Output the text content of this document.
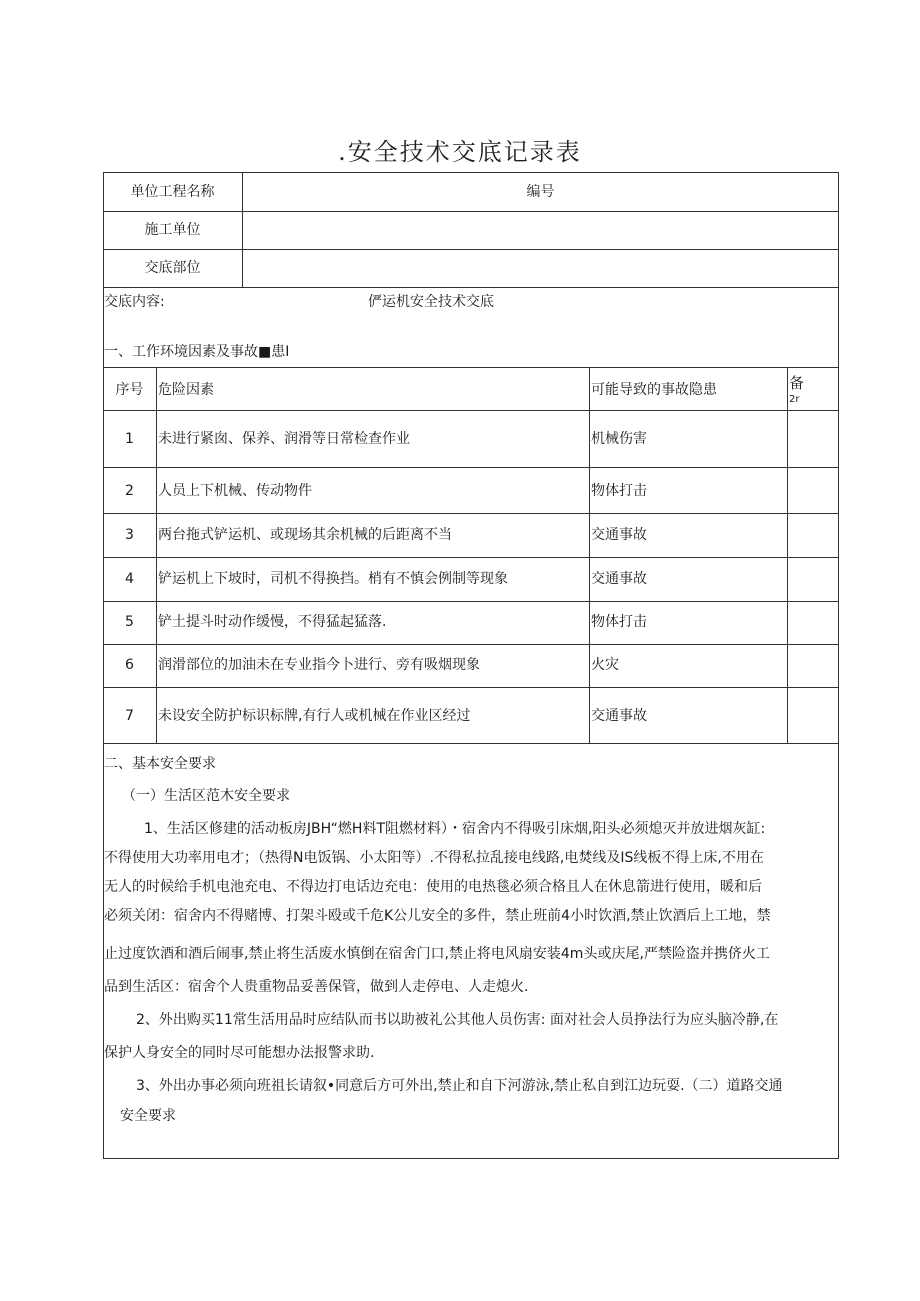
.安全技术交底记录表
单位工程名称	编号
施工单位
交底部位
交底内容:	俨运机安全技术交底
一、工作环境因素及事故■患I
序号	危险因素	可能导致的事故隐患	备
2r
1	未进行紧囱、保养、润滑等日常检查作业	机械伤害
2	人员上下机械、传动物件	物体打击
3	两台拖式铲运机、或现场其余机械的后距离不当	交通事故
4	铲运机上下坡时，司机不得换挡。梢有不慎会例制等现象	交通事故
5	铲土提斗时动作缓慢，不得猛起猛落.	物体打击
6	润滑部位的加油未在专业指今卜进行、旁有吸烟现象	火灾
7	未设安全防护标识标牌,有行人或机械在作业区经过	交通事故
二、基本安全要求
（一）生活区范木安全要求
1、生活区修建的活动板房JBH“燃H料T阻燃材料）・宿舍内不得吸引床烟,阳头必须熄灭并放进烟灰缸:
不得使用大功率用电才；（热得N电饭锅、小太阳等）.不得私拉乱接电线路,电焚线及IS线板不得上床,不用在
无人的时候给手机电池充电、不得边打电话边充电：使用的电热毯必须合格且人在休息箭进行使用，暖和后
必须关闭：宿舍内不得赌博、打架斗殴或千危K公儿安全的多件，禁止班前4小时饮酒,禁止饮酒后上工地，禁
止过度饮酒和酒后闹事,禁止将生活废水慎倒在宿舍门口,禁止将电风扇安装4m头或庆尾,严禁险盗并携侪火工
品到生活区：宿舍个人贵重物品妥善保管，做到人走停电、人走熄火.
2、外出购买11常生活用品时应结队而书以助被礼公其他人员伤害: 面对社会人员挣法行为应头脑冷静,在
保护人身安全的同时尽可能想办法报警求助.
3、外出办事必须向班祖长请叙•同意后方可外出,禁止和自下河游泳,禁止私自到江边玩耍.（二）道路交通
安全要求
